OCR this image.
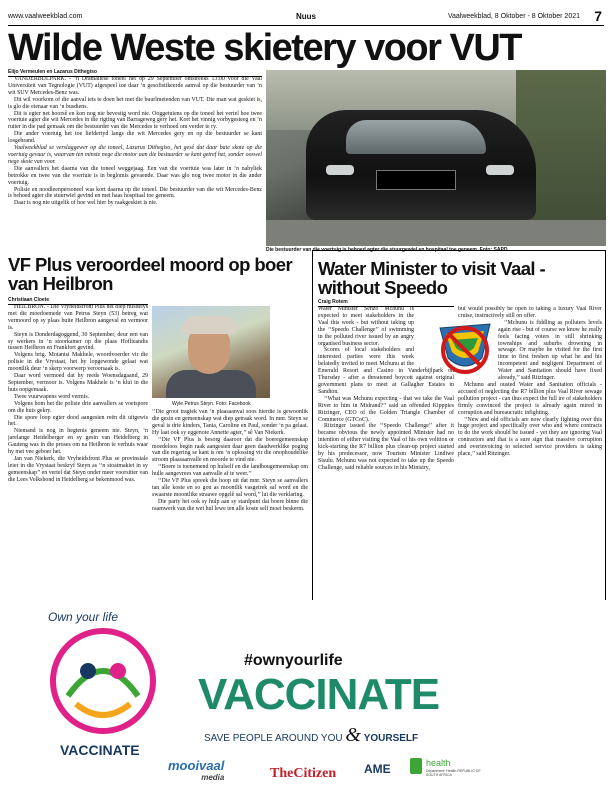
www.vaalweekblad.com	Nuus	Vaalweekblad, 8 Oktober - 8 Oktober 2021 7
Wilde Weste skietery voor VUT
Elijo Vermeulen en Lazarus Dithegiso

VANDERBIJLPARK. - ‘n Dramatiese toneel het op 29 September omstreeks 13:00 voor die Vaal Universiteit van Tegnologie (VUT) afgespeel toe daar ‘n gesofistikeerde aanval op die bestuurder van ‘n wit SUV Mercedes-Benz was.

Dit wil voorkom of die aanval iets te doen het met die buurlmetenden van VUT. Die man wat geskiet is, is glo die eienaar van ‘n busdiens.

Dit is egter net hoorsê en kon nog nie bevestig word nie. Ooggetuiens op die toneel het vertel hoe twee voertuie agter die wit Mercedes in die rigting van Barrageweg gery het. Kort het vinnig vorbygesteeg en ‘n ruiter in die pad gemaak om die bestuurder van die Mercedes te verhoed om verder te ry.

Die ander voertuig het toe liefdertyd langs die wit Mercedes gery en op die bestuurder se kant losgebrand.

Vaalweekblad se verslaggewer op die toneel, Lazarus Dithegiso, het gesê dat daar baie skote op die voertuig gevuur is, waarvan ten minste nege die motor aan die bestuurder se kant getref het, sonder ooswel nege skote van voor.

Die aanvallers het daarna van die toneel weggejaag. Een van die voertuie was later in ‘n nabyliek betrokke en twee van die voertuie is in beglomis gevaende. Daar was glo nog twee motor in die ander voertuig.

Polisie en noodleenpersoneel was kort daarna op die toneel. Die bestuurder van die wit Mercedes-Benz is behoed agter die stuurwiel gevind en met haas hospitaal toe geneem.

Daar is nog nie uitgelik of hoe wel hier by raakgeskiet is nie.

Die bestuurder van die voertuig is behoed agter die stuurgewiel en hospitaal toe geneem. Foto: SAPD
VF Plus veroordeel moord op boer van Heilbron
Christiaan Cloete

HEILBRON. - Die Vryheidsfront Plus het diep misdelys met die moedoemede van Petrus Steyn (53) betreg wat vermoord op sy plaas buite Heilbron aangeval en vermoor is.

Steyn is Donderdagoggend, 30 September, deur een van sy werkers in ‘n stoorkamer op die plaas Hoflieandis tussen Heilbron en Frankfort gevind.

Volgens brig. Motantsi Makhele, woordvoerder vir die polisie in die Vrystaat, het hy lopgewonde gelaat wat moontlik deur ‘n skerp voorwerp veroorsaak is.

Daar word vermoed dat hy reeds Woensdagaand, 29 September, vermoor is. Volgens Makhele is ‘n klui in die huis oopgemaak.

Twee vuurwapens word vermis.

Volgens hom het die polisie drie aanvallers se voetspore om die huis gekry.

Die spore loop egter dood aangesien reën dit uitgewis het.

Niemand is nog in hegtenis geneem nie. Steyn, ‘n jarelange Heidelberger en sy gesin van Heidelberg in Gauteng was in die proses om na Heilbron te verhuis waar hy met vee geboer het.

Jan van Niekerk, die Vryheidsfront Plus se provinsiale leier in die Vrystaat beskryf Steyn as ‘‘n stoatmakiet in sy gemeenskap’’ en vertel dat Steyn onder meer voorsitter van die Lees Volksbond in Heidelberg se bekenmood was.

Wyle Petrus Steyn. Foto: Facebook

‘‘Die groot tragiek van ‘n plaasaanval soos hierdie is gewoonlik die gesin en gemeenskap wat diep getraak word. In mnr. Steyn se geval is drie kinders, Tania, Caroline en Paul, sonder ‘n pa gelaat. Hy laat ook sy eggenote Annette agter,’’ sê Van Niekerk.

‘‘Die VF Plus is besorg daaroor dat die boeregemeenskap moedeloos begin raak aangesien daar geen daadwerklike poging van die regering se kant is om ‘n oplossing vir die onophoudelike stroom plaasaanvalle en moorde te vind nie.

‘‘Boere is toenemend op hulself en die landbougemeenskap om hulle aangevrees van aanvalle af te weer.’’

‘‘Die VF Plus spreek die hoop uit dat mnr. Steyn se aanvallers tan alle koste en so gou as moontlik vasgetrek sal word en die swaarste moontlike straawe opgelê sal word,’’ lui die verklaring.

Die party het ook sy hulp aan sy stardpunt dat boere binne die raamwerk van die wet hul lewe ten alle koste self moet beskerm.

Water Minister to visit Vaal - without Speedo
Craig Rotem

Water Minister Senzo Mchunu is expected to meet stakeholders in the Vaal this week - but without taking up the ‘‘Speedo Challenge’’ of swimming in the polluted river issued by an angry organised business sector.

Scores of local stakeholders and interested parties were this week belatedly invited to meet Mchunu at the Emerald Resort and Casino in Vanderbijlpark on Thursday - after a threatened boycott against original government plans to meet at Gallagher Estates in Sandton.

‘‘What was Mchunu expecting - that we take the Vaal River to him in Midrand?’’ said an offended Kipppies Ritzinger, CEO of the Golden Triangle Chamber of Commerce (GTCoC).

Ritzinger issued the ‘‘Speedo Challenge’’ after it became obvious the newly appointed Minister had no intention of either visiting the Vaal of his own volition or kick-starting the R7 billion plus clean-up project started by his predecessor, now Tourism Minister Lindiwe Sisulu. Mchunu was not expected to take up the Speedo Challenge, said reliable sources in his Ministry,

but would possibly be open to taking a luxury Vaal River cruise, instructively still on offer.

‘‘Mchunu is fiddling as polluters levels again rise - but of course we know he really feels facing voters in still shrinking townships and suburbs drowning in sewage. Or maybe he visited for the first time to first freshen up what he and his incompetent and negligent Department of Water and Sanitation should have fixed already,’’ said Ritzinger.

Mchunu and ousted Water and Sanitation officials - accused of neglecting the R7 billion plus Vaal River sewage pollution project - can thus expect the full ire of stakeholders firmly convinced the project is already again mired in corruption and bureaucratic infighting.

‘‘New and old officials are now clearly fighting over this huge project and specifically over who and where contracts to do the work should be issued - yet they are ignoring Vaal contractors and that is a sure sign that massive corruption and overinvoicing to selected service providers is taking place,’’ said Ritzinger.

Own your life
VACCINATE
#ownyourlife
VACCINATE
SAVE PEOPLE AROUND YOU & YOURSELF
mooivaal
media	TheCitizen AME	health
Department: Health REPUBLIC OF SOUTH AFRICA
